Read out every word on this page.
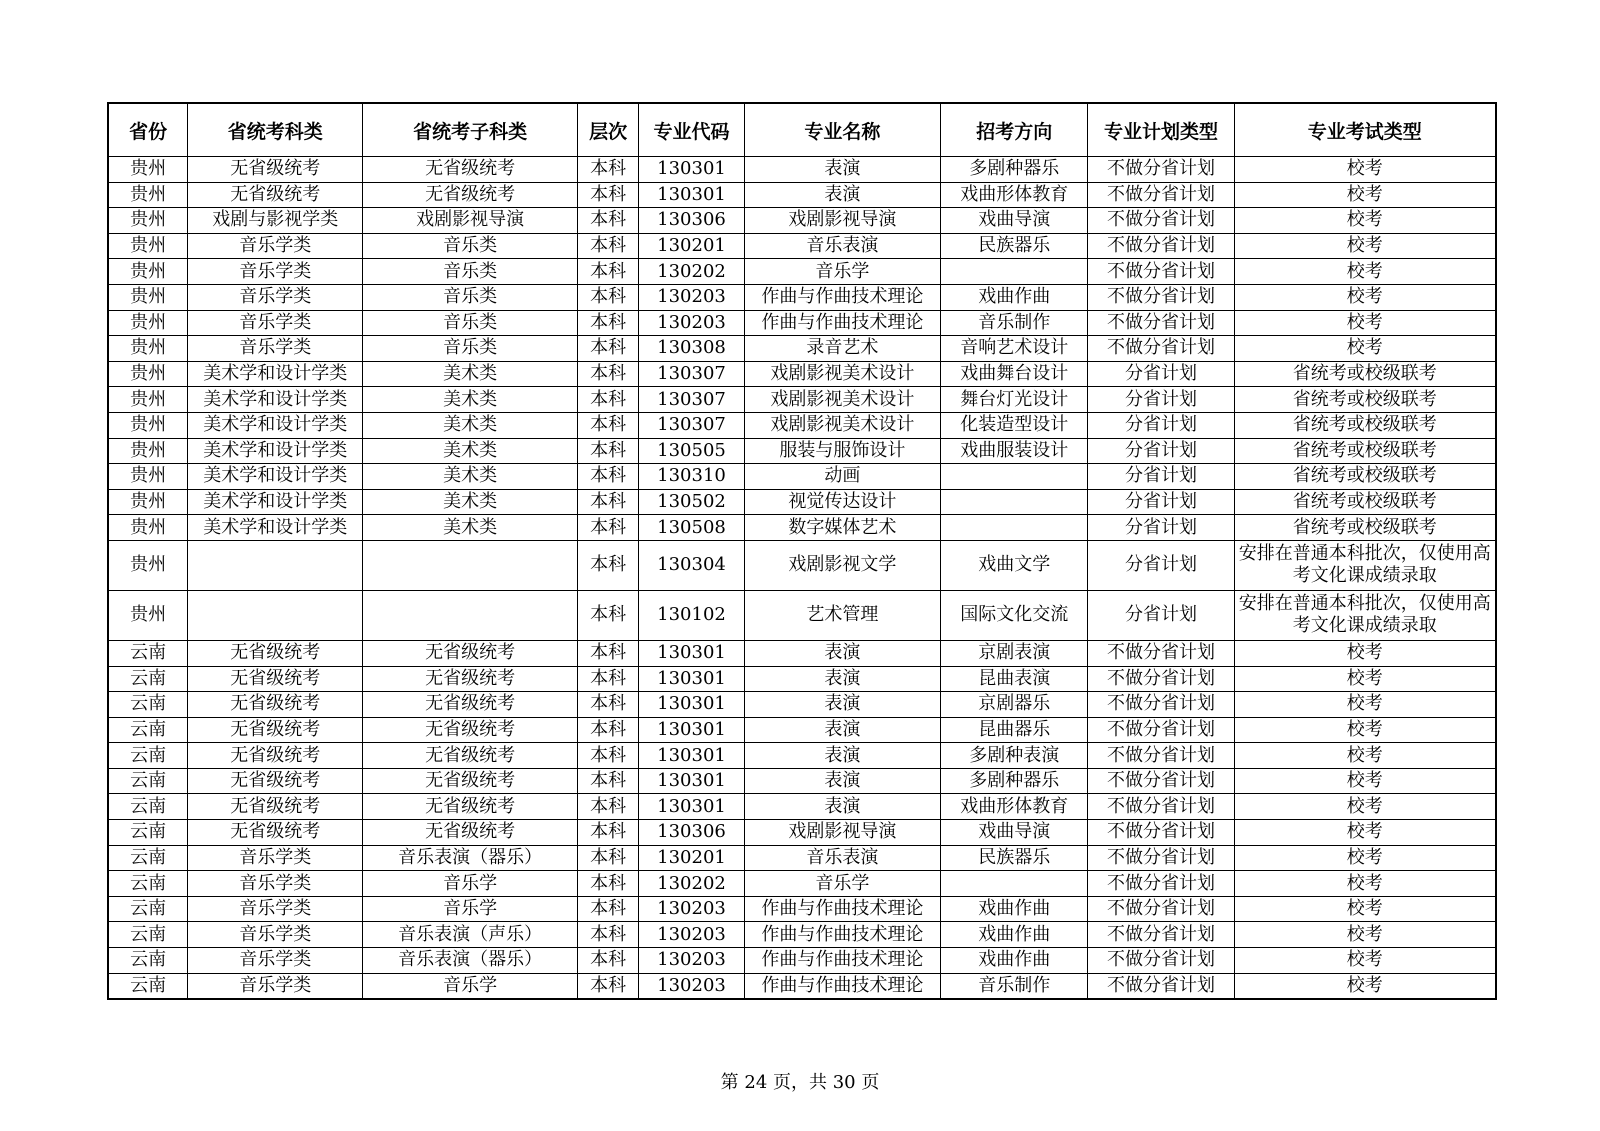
省份	省统考科类	省统考子科类	层次	专业代码	专业名称	招考方向	专业计划类型	专业考试类型
贵州	无省级统考	无省级统考	本科	130301	表演	多剧种器乐	不做分省计划	校考
贵州	无省级统考	无省级统考	本科	130301	表演	戏曲形体教育	不做分省计划	校考
贵州	戏剧与影视学类	戏剧影视导演	本科	130306	戏剧影视导演	戏曲导演	不做分省计划	校考
贵州	音乐学类	音乐类	本科	130201	音乐表演	民族器乐	不做分省计划	校考
贵州	音乐学类	音乐类	本科	130202	音乐学		不做分省计划	校考
贵州	音乐学类	音乐类	本科	130203	作曲与作曲技术理论	戏曲作曲	不做分省计划	校考
贵州	音乐学类	音乐类	本科	130203	作曲与作曲技术理论	音乐制作	不做分省计划	校考
贵州	音乐学类	音乐类	本科	130308	录音艺术	音响艺术设计	不做分省计划	校考
贵州	美术学和设计学类	美术类	本科	130307	戏剧影视美术设计	戏曲舞台设计	分省计划	省统考或校级联考
贵州	美术学和设计学类	美术类	本科	130307	戏剧影视美术设计	舞台灯光设计	分省计划	省统考或校级联考
贵州	美术学和设计学类	美术类	本科	130307	戏剧影视美术设计	化装造型设计	分省计划	省统考或校级联考
贵州	美术学和设计学类	美术类	本科	130505	服装与服饰设计	戏曲服装设计	分省计划	省统考或校级联考
贵州	美术学和设计学类	美术类	本科	130310	动画		分省计划	省统考或校级联考
贵州	美术学和设计学类	美术类	本科	130502	视觉传达设计		分省计划	省统考或校级联考
贵州	美术学和设计学类	美术类	本科	130508	数字媒体艺术		分省计划	省统考或校级联考
贵州			本科	130304	戏剧影视文学	戏曲文学	分省计划	安排在普通本科批次，仅使用高考文化课成绩录取
贵州			本科	130102	艺术管理	国际文化交流	分省计划	安排在普通本科批次，仅使用高考文化课成绩录取
云南	无省级统考	无省级统考	本科	130301	表演	京剧表演	不做分省计划	校考
云南	无省级统考	无省级统考	本科	130301	表演	昆曲表演	不做分省计划	校考
云南	无省级统考	无省级统考	本科	130301	表演	京剧器乐	不做分省计划	校考
云南	无省级统考	无省级统考	本科	130301	表演	昆曲器乐	不做分省计划	校考
云南	无省级统考	无省级统考	本科	130301	表演	多剧种表演	不做分省计划	校考
云南	无省级统考	无省级统考	本科	130301	表演	多剧种器乐	不做分省计划	校考
云南	无省级统考	无省级统考	本科	130301	表演	戏曲形体教育	不做分省计划	校考
云南	无省级统考	无省级统考	本科	130306	戏剧影视导演	戏曲导演	不做分省计划	校考
云南	音乐学类	音乐表演（器乐）	本科	130201	音乐表演	民族器乐	不做分省计划	校考
云南	音乐学类	音乐学	本科	130202	音乐学		不做分省计划	校考
云南	音乐学类	音乐学	本科	130203	作曲与作曲技术理论	戏曲作曲	不做分省计划	校考
云南	音乐学类	音乐表演（声乐）	本科	130203	作曲与作曲技术理论	戏曲作曲	不做分省计划	校考
云南	音乐学类	音乐表演（器乐）	本科	130203	作曲与作曲技术理论	戏曲作曲	不做分省计划	校考
云南	音乐学类	音乐学	本科	130203	作曲与作曲技术理论	音乐制作	不做分省计划	校考
第 24 页，共 30 页
